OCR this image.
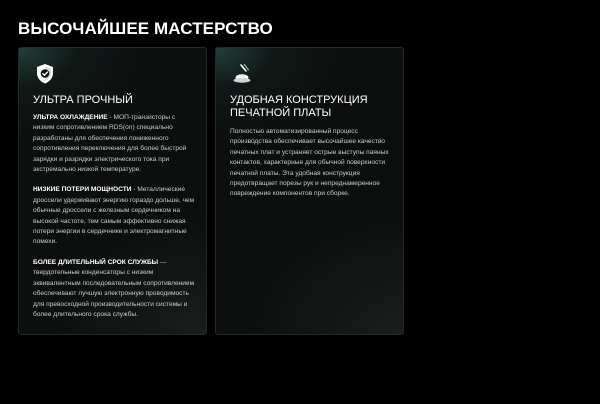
ВЫСОЧАЙШЕЕ МАСТЕРСТВО
УЛЬТРА ПРОЧНЫЙ

УЛЬТРА ОХЛАЖДЕНИЕ - МОП-транзисторы с низким сопротивлением RDS(on) специально разработаны для обеспечения пониженного сопротивления переключения для более быстрой зарядки и разрядки электрического тока при экстремально низкой температуре.

НИЗКИЕ ПОТЕРИ МОЩНОСТИ - Металлические дроссели удерживают энергию гораздо дольше, чем обычные дроссели с железным сердечником на высокой частоте, тем самым эффективно снижая потери энергии в сердечнике и электромагнитные помехи.

БОЛЕЕ ДЛИТЕЛЬНЫЙ СРОК СЛУЖБЫ — твердотельные конденсаторы с низким эквивалентным последовательным сопротивлением обеспечивают лучшую электронную проводимость для превосходной производительности системы и более длительного срока службы.

УДОБНАЯ КОНСТРУКЦИЯ ПЕЧАТНОЙ ПЛАТЫ

Полностью автоматизированный процесс производства обеспечивает высочайшее качество печатных плат и устраняет острые выступы паяных контактов, характерные для обычной поверхности печатной платы. Эта удобная конструкция предотвращает порезы рук и непреднамеренное повреждение компонентов при сборке.
